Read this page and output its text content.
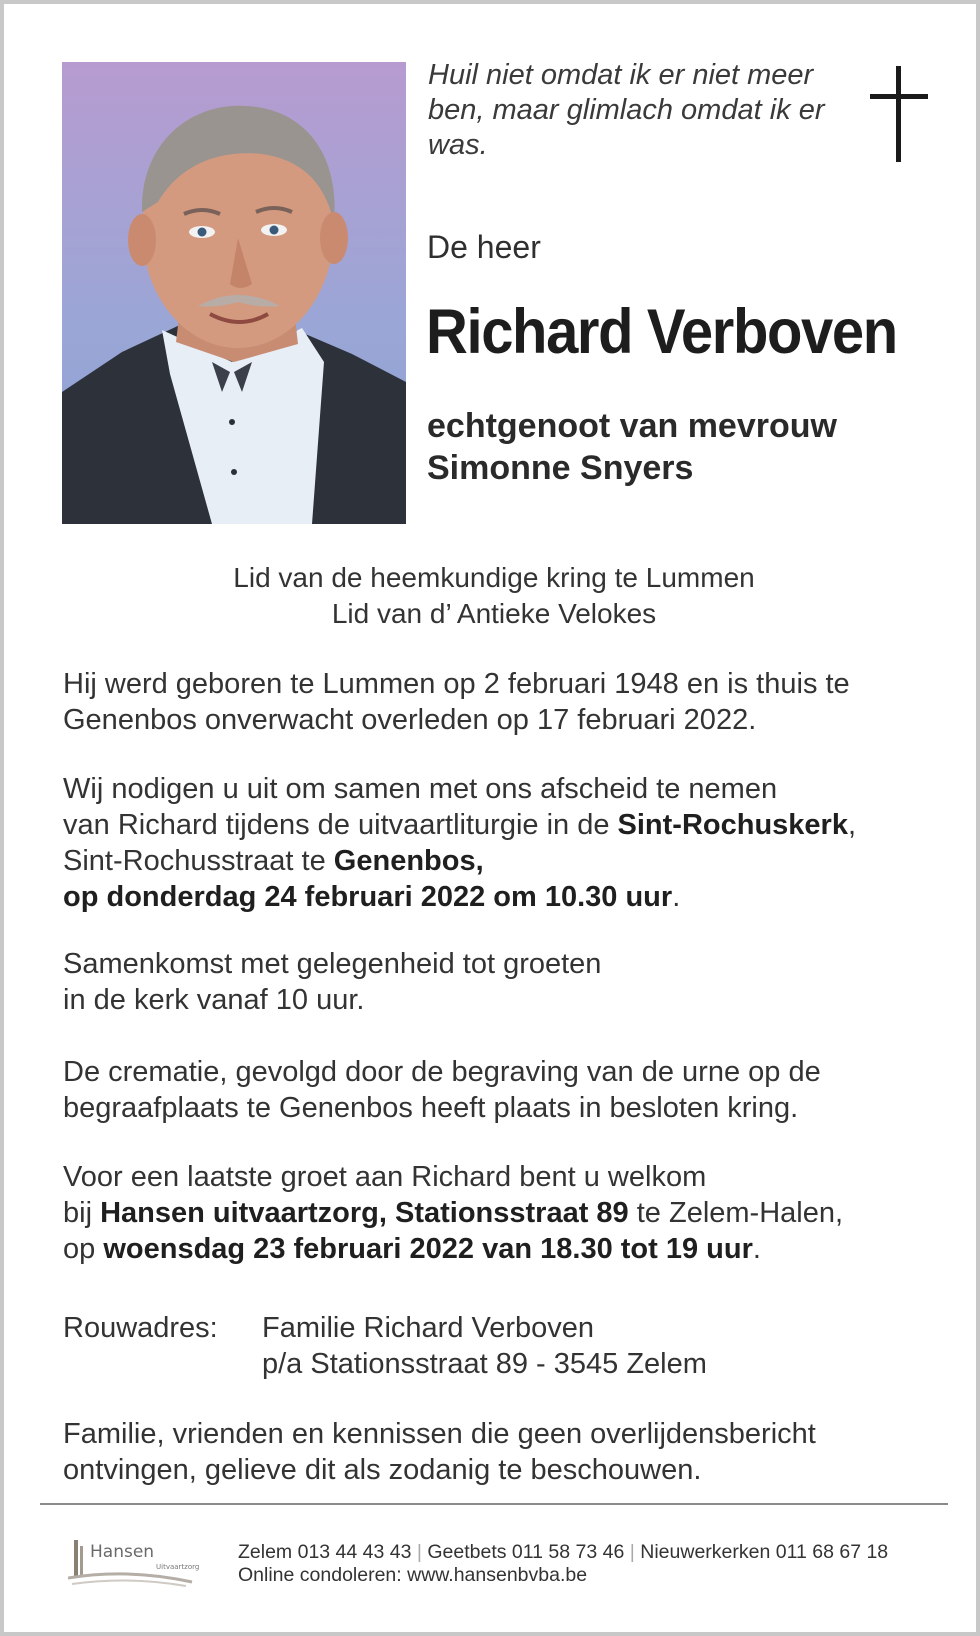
Huil niet omdat ik er niet meer ben, maar glimlach omdat ik er was.
De heer
Richard Verboven
echtgenoot van mevrouw
Simonne Snyers
Lid van de heemkundige kring te Lummen
Lid van d’ Antieke Velokes
Hij werd geboren te Lummen op 2 februari 1948 en is thuis te
Genenbos onverwacht overleden op 17 februari 2022.
Wij nodigen u uit om samen met ons afscheid te nemen
van Richard tijdens de uitvaartliturgie in de Sint-Rochuskerk,
Sint-Rochusstraat te Genenbos,
op donderdag 24 februari 2022 om 10.30 uur.
Samenkomst met gelegenheid tot groeten
in de kerk vanaf 10 uur.
De crematie, gevolgd door de begraving van de urne op de
begraafplaats te Genenbos heeft plaats in besloten kring.
Voor een laatste groet aan Richard bent u welkom
bij Hansen uitvaartzorg, Stationsstraat 89 te Zelem-Halen,
op woensdag 23 februari 2022 van 18.30 tot 19 uur.
Rouwadres: Familie Richard Verboven
p/a Stationsstraat 89 - 3545 Zelem
Familie, vrienden en kennissen die geen overlijdensbericht
ontvingen, gelieve dit als zodanig te beschouwen.
Hansen
Uitvaartzorg
Zelem 013 44 43 43 | Geetbets 011 58 73 46 | Nieuwerkerken 011 68 67 18
Online condoleren: www.hansenbvba.be
